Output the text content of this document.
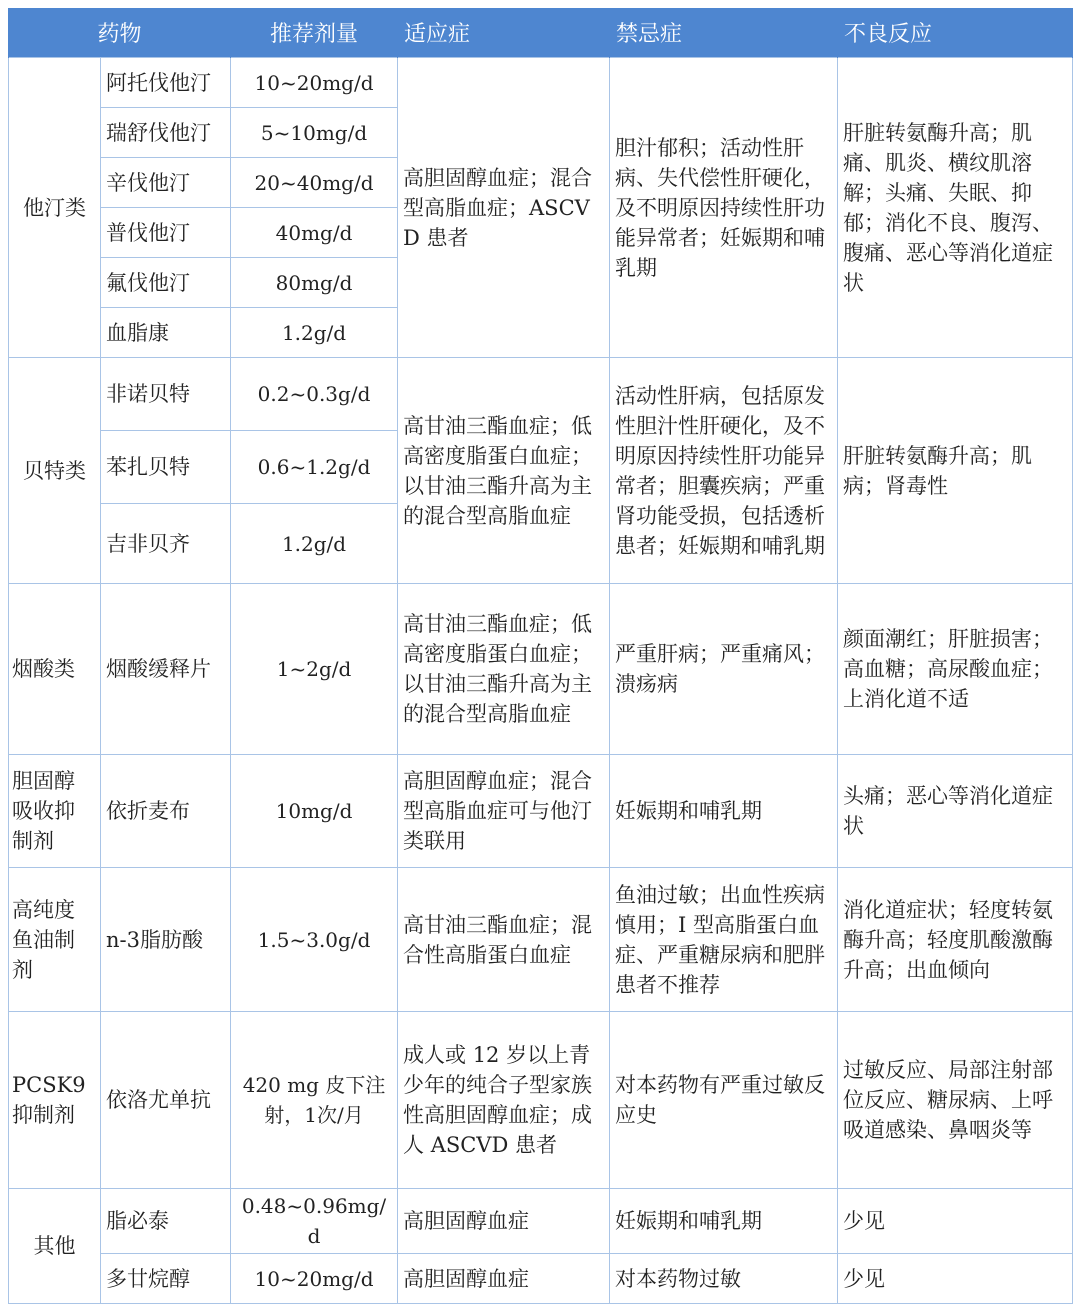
药物		推荐剂量	适应症	禁忌症	不良反应
他汀类	阿托伐他汀	10~20mg/d	高胆固醇血症；混合型高脂血症；ASCVD 患者	胆汁郁积；活动性肝病、失代偿性肝硬化，及不明原因持续性肝功能异常者；妊娠期和哺乳期	肝脏转氨酶升高；肌痛、肌炎、横纹肌溶解；头痛、失眠、抑郁；消化不良、腹泻、腹痛、恶心等消化道症状
	瑞舒伐他汀	5~10mg/d			
	辛伐他汀	20~40mg/d			
	普伐他汀	40mg/d			
	氟伐他汀	80mg/d			
	血脂康	1.2g/d			
贝特类	非诺贝特	0.2~0.3g/d	高甘油三酯血症；低高密度脂蛋白血症；以甘油三酯升高为主的混合型高脂血症	活动性肝病，包括原发性胆汁性肝硬化，及不明原因持续性肝功能异常者；胆囊疾病；严重肾功能受损，包括透析患者；妊娠期和哺乳期	肝脏转氨酶升高；肌病；肾毒性
	苯扎贝特	0.6~1.2g/d			
	吉非贝齐	1.2g/d			
烟酸类	烟酸缓释片	1~2g/d	高甘油三酯血症；低高密度脂蛋白血症；以甘油三酯升高为主的混合型高脂血症	严重肝病；严重痛风；溃疡病	颜面潮红；肝脏损害；高血糖；高尿酸血症；上消化道不适
胆固醇吸收抑制剂	依折麦布	10mg/d	高胆固醇血症；混合型高脂血症可与他汀类联用	妊娠期和哺乳期	头痛；恶心等消化道症状
高纯度鱼油制剂	n-3脂肪酸	1.5~3.0g/d	高甘油三酯血症；混合性高脂蛋白血症	鱼油过敏；出血性疾病慎用；I 型高脂蛋白血症、严重糖尿病和肥胖患者不推荐	消化道症状；轻度转氨酶升高；轻度肌酸激酶升高；出血倾向
PCSK9抑制剂	依洛尤单抗	420 mg 皮下注射，1次/月	成人或 12 岁以上青少年的纯合子型家族性高胆固醇血症；成人 ASCVD 患者	对本药物有严重过敏反应史	过敏反应、局部注射部位反应、糖尿病、上呼吸道感染、鼻咽炎等
其他	脂必泰	0.48~0.96mg/d	高胆固醇血症	妊娠期和哺乳期	少见
	多廿烷醇	10~20mg/d	高胆固醇血症	对本药物过敏	少见
